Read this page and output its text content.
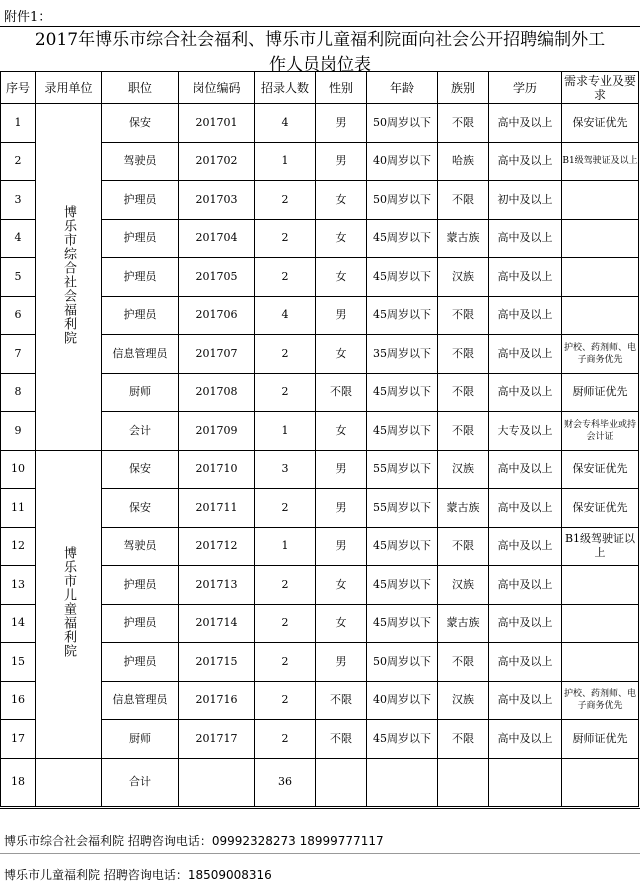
附件1：
2017年博乐市综合社会福利、博乐市儿童福利院面向社会公开招聘编制外工
作人员岗位表
序号	录用单位	职位	岗位编码	招录人数	性别	年龄	族别	学历	需求专业及要求
1	博乐市综合社会福利院	保安	201701	4	男	50周岁以下	不限	高中及以上	保安证优先
2		驾驶员	201702	1	男	40周岁以下	哈族	高中及以上	B1级驾驶证及以上
3		护理员	201703	2	女	50周岁以下	不限	初中及以上	
4		护理员	201704	2	女	45周岁以下	蒙古族	高中及以上	
5		护理员	201705	2	女	45周岁以下	汉族	高中及以上	
6		护理员	201706	4	男	45周岁以下	不限	高中及以上	
7		信息管理员	201707	2	女	35周岁以下	不限	高中及以上	护校、药剂师、电子商务优先
8		厨师	201708	2	不限	45周岁以下	不限	高中及以上	厨师证优先
9		会计	201709	1	女	45周岁以下	不限	大专及以上	财会专科毕业或持会计证
10	博乐市儿童福利院	保安	201710	3	男	55周岁以下	汉族	高中及以上	保安证优先
11		保安	201711	2	男	55周岁以下	蒙古族	高中及以上	保安证优先
12		驾驶员	201712	1	男	45周岁以下	不限	高中及以上	B1级驾驶证以上
13		护理员	201713	2	女	45周岁以下	汉族	高中及以上	
14		护理员	201714	2	女	45周岁以下	蒙古族	高中及以上	
15		护理员	201715	2	男	50周岁以下	不限	高中及以上	
16		信息管理员	201716	2	不限	40周岁以下	汉族	高中及以上	护校、药剂师、电子商务优先
17		厨师	201717	2	不限	45周岁以下	不限	高中及以上	厨师证优先
18		合计		36					
博乐市综合社会福利院 招聘咨询电话：09992328273 18999777117
博乐市儿童福利院 招聘咨询电话：18509008316
